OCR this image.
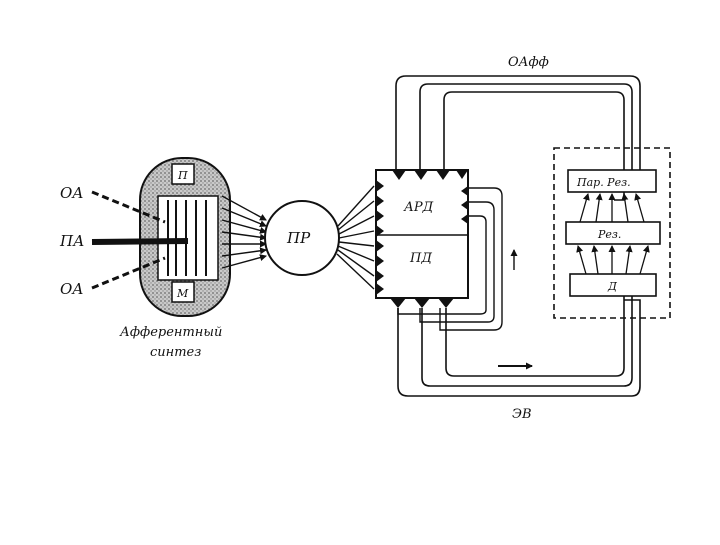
ОА
ПА
ОА
П
М
Афферентный
синтез
ПР
АРД
ПД
ОАфф
ЭВ
Пар. Рез.
Рез.
Д
